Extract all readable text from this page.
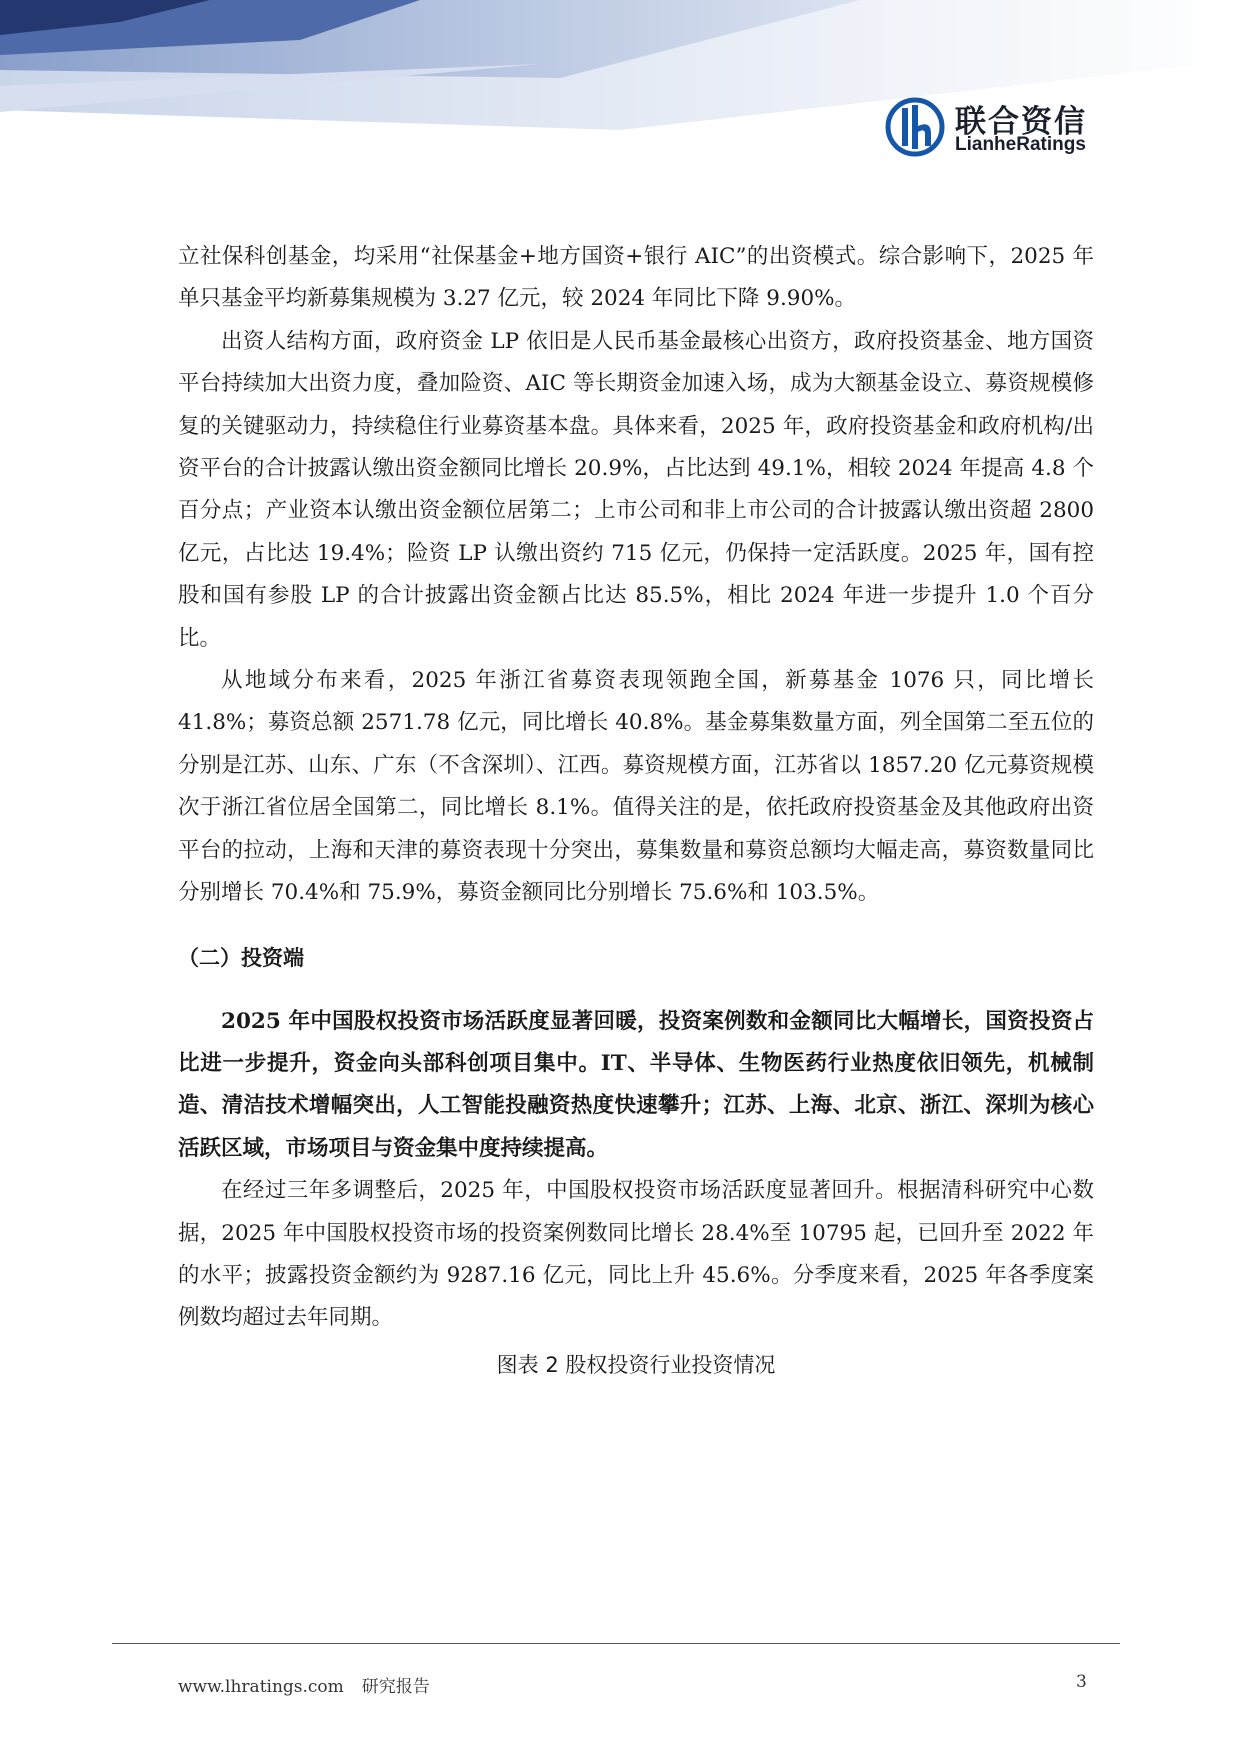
联合资信
LianheRatings

立社保科创基金，均采用“社保基金+地方国资+银行 AIC”的出资模式。综合影响下，2025 年单只基金平均新募集规模为 3.27 亿元，较 2024 年同比下降 9.90%。

出资人结构方面，政府资金 LP 依旧是人民币基金最核心出资方，政府投资基金、地方国资平台持续加大出资力度，叠加险资、AIC 等长期资金加速入场，成为大额基金设立、募资规模修复的关键驱动力，持续稳住行业募资基本盘。具体来看，2025 年，政府投资基金和政府机构/出资平台的合计披露认缴出资金额同比增长 20.9%，占比达到 49.1%，相较 2024 年提高 4.8 个百分点；产业资本认缴出资金额位居第二；上市公司和非上市公司的合计披露认缴出资超 2800 亿元，占比达 19.4%；险资 LP 认缴出资约 715 亿元，仍保持一定活跃度。2025 年，国有控股和国有参股 LP 的合计披露出资金额占比达 85.5%，相比 2024 年进一步提升 1.0 个百分比。

从地域分布来看，2025 年浙江省募资表现领跑全国，新募基金 1076 只，同比增长 41.8%；募资总额 2571.78 亿元，同比增长 40.8%。基金募集数量方面，列全国第二至五位的分别是江苏、山东、广东（不含深圳）、江西。募资规模方面，江苏省以 1857.20 亿元募资规模次于浙江省位居全国第二，同比增长 8.1%。值得关注的是，依托政府投资基金及其他政府出资平台的拉动，上海和天津的募资表现十分突出，募集数量和募资总额均大幅走高，募资数量同比分别增长 70.4%和 75.9%，募资金额同比分别增长 75.6%和 103.5%。

（二）投资端

2025 年中国股权投资市场活跃度显著回暖，投资案例数和金额同比大幅增长，国资投资占比进一步提升，资金向头部科创项目集中。IT、半导体、生物医药行业热度依旧领先，机械制造、清洁技术增幅突出，人工智能投融资热度快速攀升；江苏、上海、北京、浙江、深圳为核心活跃区域，市场项目与资金集中度持续提高。

在经过三年多调整后，2025 年，中国股权投资市场活跃度显著回升。根据清科研究中心数据，2025 年中国股权投资市场的投资案例数同比增长 28.4%至 10795 起，已回升至 2022 年的水平；披露投资金额约为 9287.16 亿元，同比上升 45.6%。分季度来看，2025 年各季度案例数均超过去年同期。

图表 2 股权投资行业投资情况
www.lhratings.com 研究报告	3
